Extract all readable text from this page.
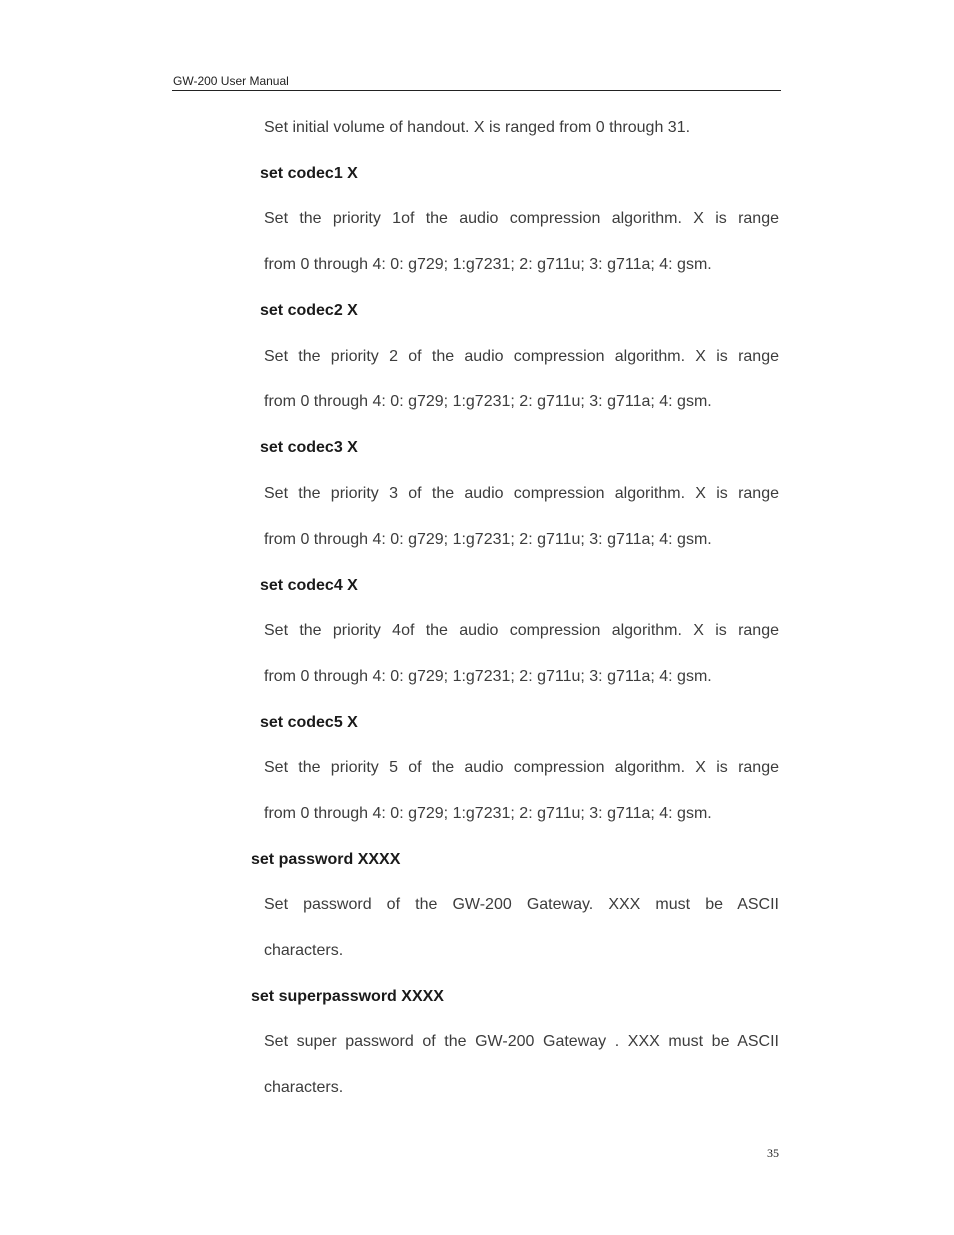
GW-200 User Manual
Set initial volume of handout. X is ranged from 0 through 31.
set codec1 X
Set the priority 1of the audio compression algorithm. X is range
from 0 through 4: 0: g729; 1:g7231; 2: g711u; 3: g711a; 4: gsm.
set codec2 X
Set the priority 2 of the audio compression algorithm. X is range
from 0 through 4: 0: g729; 1:g7231; 2: g711u; 3: g711a; 4: gsm.
set codec3 X
Set the priority 3 of the audio compression algorithm. X is range
from 0 through 4: 0: g729; 1:g7231; 2: g711u; 3: g711a; 4: gsm.
set codec4 X
Set the priority 4of the audio compression algorithm. X is range
from 0 through 4: 0: g729; 1:g7231; 2: g711u; 3: g711a; 4: gsm.
set codec5 X
Set the priority 5 of the audio compression algorithm. X is range
from 0 through 4: 0: g729; 1:g7231; 2: g711u; 3: g711a; 4: gsm.
set password XXXX
Set password of the GW-200 Gateway. XXX must be ASCII
characters.
set superpassword XXXX
Set super password of the GW-200 Gateway . XXX must be ASCII
characters.
35
